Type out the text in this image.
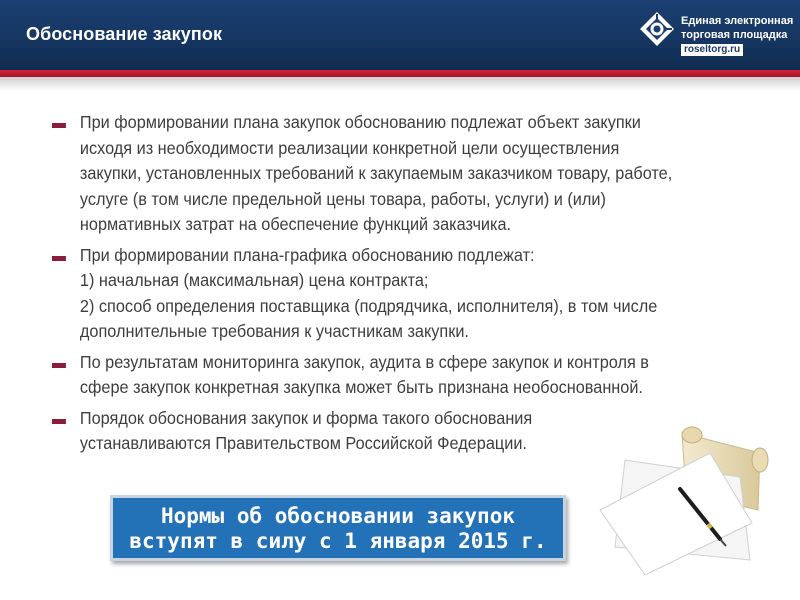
Обоснование закупок
Единая электронная
торговая площадка
roseltorg.ru
При формировании плана закупок обоснованию подлежат объект закупки
исходя из необходимости реализации конкретной цели осуществления
закупки, установленных требований к закупаемым заказчиком товару, работе,
услуге (в том числе предельной цены товара, работы, услуги) и (или)
нормативных затрат на обеспечение функций заказчика.
При формировании плана-графика обоснованию подлежат:
1) начальная (максимальная) цена контракта;
2) способ определения поставщика (подрядчика, исполнителя), в том числе
дополнительные требования к участникам закупки.
По результатам мониторинга закупок, аудита в сфере закупок и контроля в
сфере закупок конкретная закупка может быть признана необоснованной.
Порядок обоснования закупок и форма такого обоснования
устанавливаются Правительством Российской Федерации.
Нормы об обосновании закупок
вступят в силу с 1 января 2015 г.
